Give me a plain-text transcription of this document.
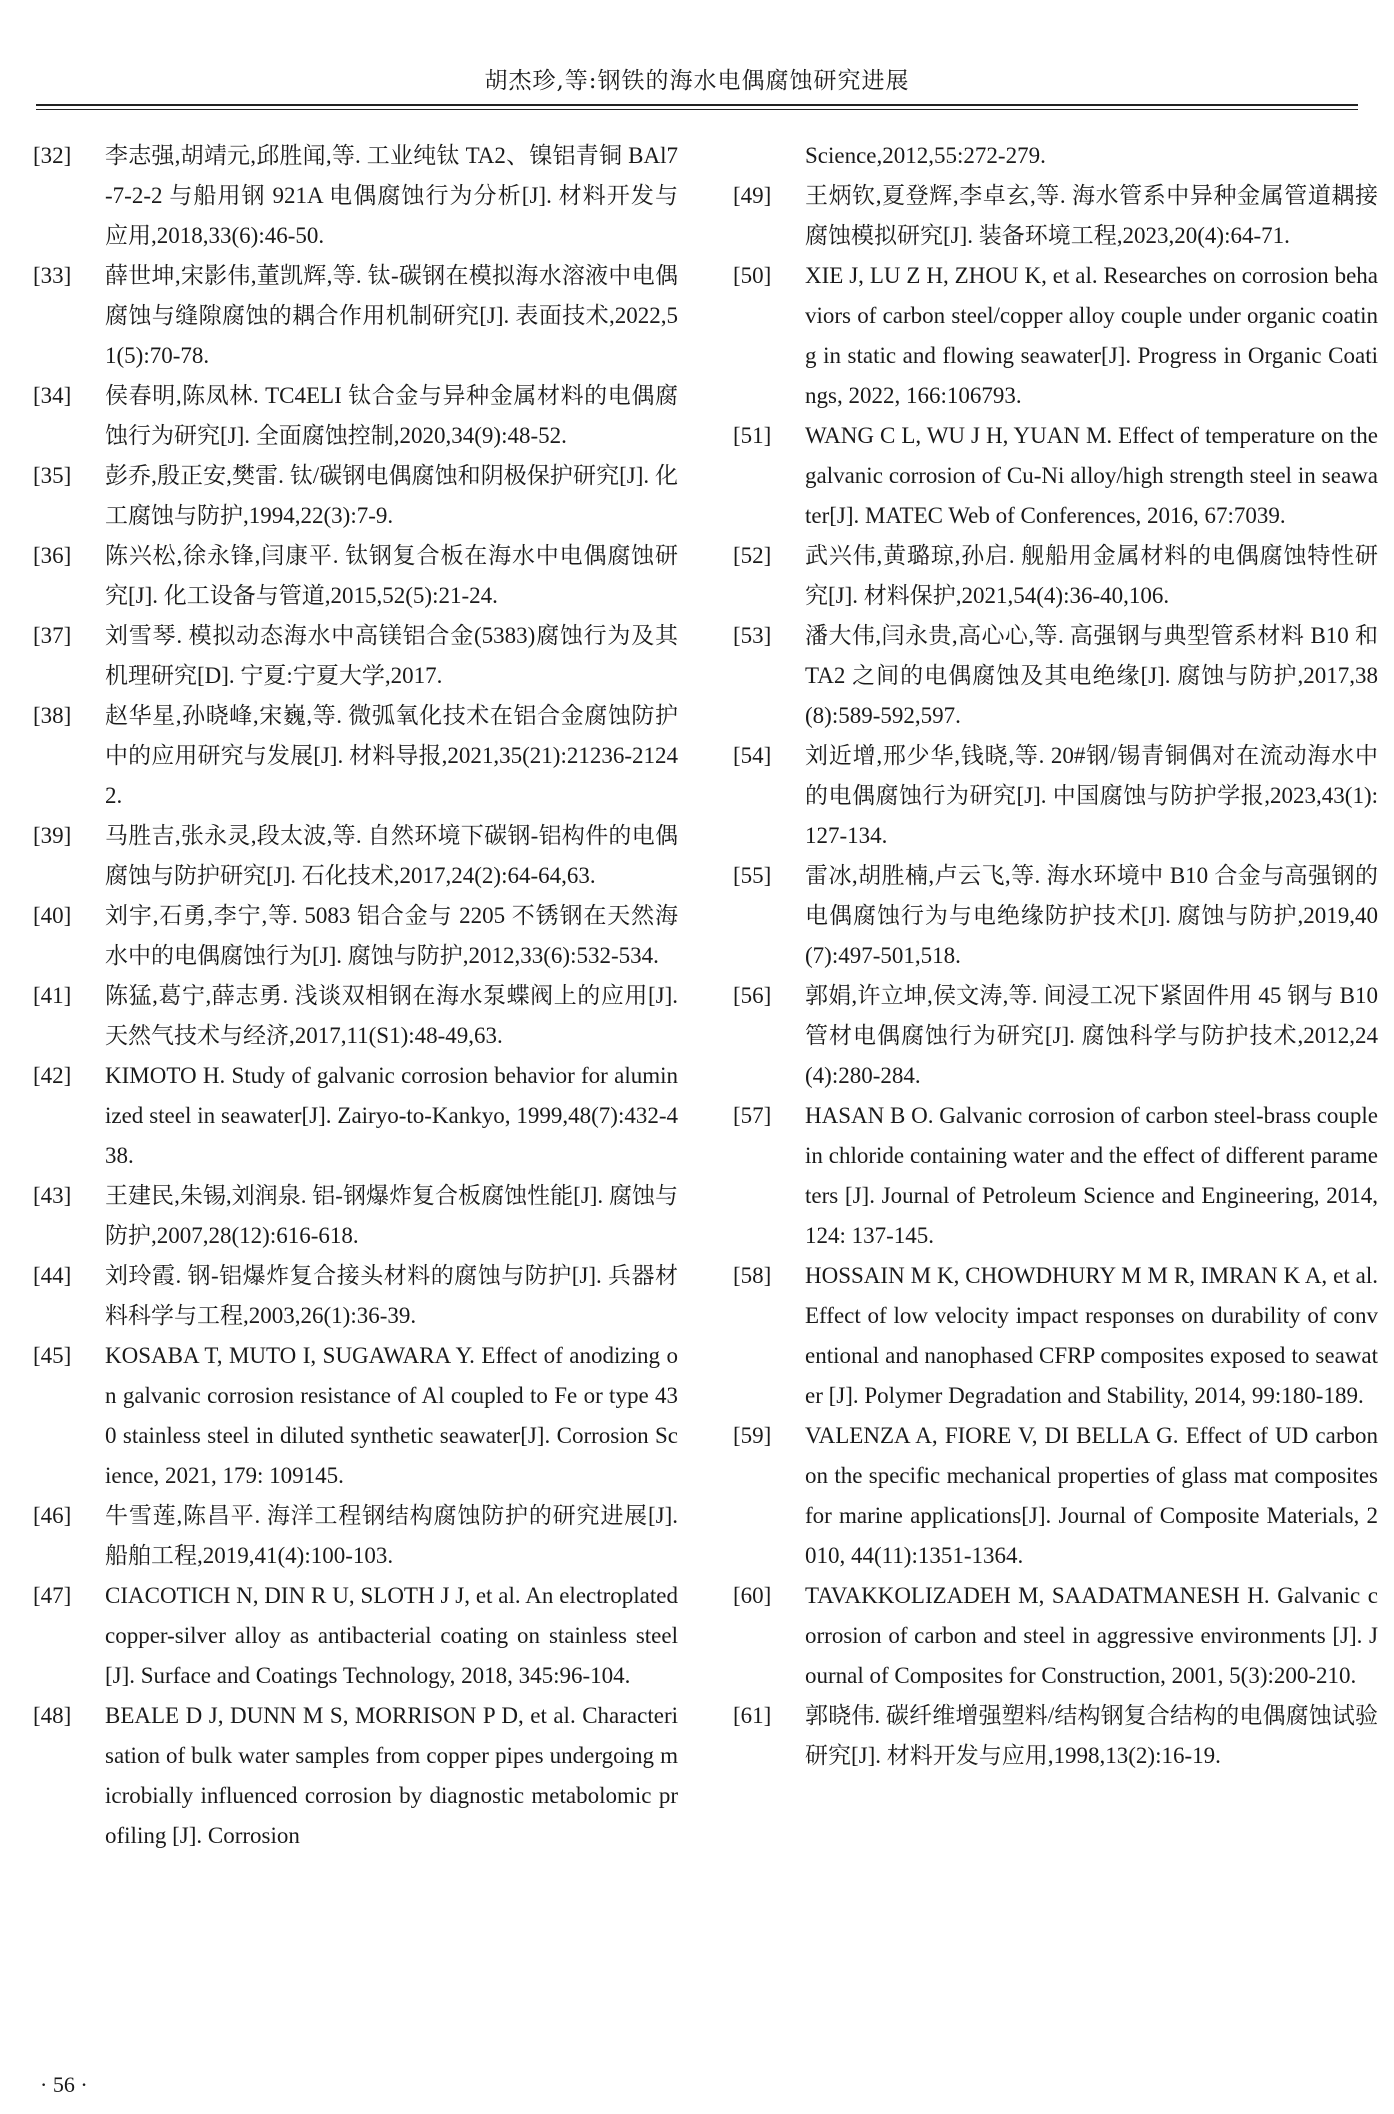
胡杰珍,等:钢铁的海水电偶腐蚀研究进展
[32]	李志强,胡靖元,邱胜闻,等. 工业纯钛 TA2、镍铝青铜 BAl7-7-2-2 与船用钢 921A 电偶腐蚀行为分析[J]. 材料开发与应用,2018,33(6):46-50.
[33]	薛世坤,宋影伟,董凯辉,等. 钛-碳钢在模拟海水溶液中电偶腐蚀与缝隙腐蚀的耦合作用机制研究[J]. 表面技术,2022,51(5):70-78.
[34]	侯春明,陈凤林. TC4ELI 钛合金与异种金属材料的电偶腐蚀行为研究[J]. 全面腐蚀控制,2020,34(9):48-52.
[35]	彭乔,殷正安,樊雷. 钛/碳钢电偶腐蚀和阴极保护研究[J]. 化工腐蚀与防护,1994,22(3):7-9.
[36]	陈兴松,徐永锋,闫康平. 钛钢复合板在海水中电偶腐蚀研究[J]. 化工设备与管道,2015,52(5):21-24.
[37]	刘雪琴. 模拟动态海水中高镁铝合金(5383)腐蚀行为及其机理研究[D]. 宁夏:宁夏大学,2017.
[38]	赵华星,孙晓峰,宋巍,等. 微弧氧化技术在铝合金腐蚀防护中的应用研究与发展[J]. 材料导报,2021,35(21):21236-21242.
[39]	马胜吉,张永灵,段太波,等. 自然环境下碳钢-铝构件的电偶腐蚀与防护研究[J]. 石化技术,2017,24(2):64-64,63.
[40]	刘宇,石勇,李宁,等. 5083 铝合金与 2205 不锈钢在天然海水中的电偶腐蚀行为[J]. 腐蚀与防护,2012,33(6):532-534.
[41]	陈猛,葛宁,薛志勇. 浅谈双相钢在海水泵蝶阀上的应用[J]. 天然气技术与经济,2017,11(S1):48-49,63.
[42]	KIMOTO H. Study of galvanic corrosion behavior for aluminized steel in seawater[J]. Zairyo-to-Kankyo, 1999,48(7):432-438.
[43]	王建民,朱锡,刘润泉. 铝-钢爆炸复合板腐蚀性能[J]. 腐蚀与防护,2007,28(12):616-618.
[44]	刘玲霞. 钢-铝爆炸复合接头材料的腐蚀与防护[J]. 兵器材料科学与工程,2003,26(1):36-39.
[45]	KOSABA T, MUTO I, SUGAWARA Y. Effect of anodizing on galvanic corrosion resistance of Al coupled to Fe or type 430 stainless steel in diluted synthetic seawater[J]. Corrosion Science, 2021, 179: 109145.
[46]	牛雪莲,陈昌平. 海洋工程钢结构腐蚀防护的研究进展[J]. 船舶工程,2019,41(4):100-103.
[47]	CIACOTICH N, DIN R U, SLOTH J J, et al. An electroplated copper-silver alloy as antibacterial coating on stainless steel[J]. Surface and Coatings Technology, 2018, 345:96-104.
[48]	BEALE D J, DUNN M S, MORRISON P D, et al. Characterisation of bulk water samples from copper pipes undergoing microbially influenced corrosion by diagnostic metabolomic profiling [J]. Corrosion
Science,2012,55:272-279.
[49]	王炳钦,夏登辉,李卓玄,等. 海水管系中异种金属管道耦接腐蚀模拟研究[J]. 装备环境工程,2023,20(4):64-71.
[50]	XIE J, LU Z H, ZHOU K, et al. Researches on corrosion behaviors of carbon steel/copper alloy couple under organic coating in static and flowing seawater[J]. Progress in Organic Coatings, 2022, 166:106793.
[51]	WANG C L, WU J H, YUAN M. Effect of temperature on the galvanic corrosion of Cu-Ni alloy/high strength steel in seawater[J]. MATEC Web of Conferences, 2016, 67:7039.
[52]	武兴伟,黄璐琼,孙启. 舰船用金属材料的电偶腐蚀特性研究[J]. 材料保护,2021,54(4):36-40,106.
[53]	潘大伟,闫永贵,高心心,等. 高强钢与典型管系材料 B10 和 TA2 之间的电偶腐蚀及其电绝缘[J]. 腐蚀与防护,2017,38(8):589-592,597.
[54]	刘近增,邢少华,钱晓,等. 20#钢/锡青铜偶对在流动海水中的电偶腐蚀行为研究[J]. 中国腐蚀与防护学报,2023,43(1):127-134.
[55]	雷冰,胡胜楠,卢云飞,等. 海水环境中 B10 合金与高强钢的电偶腐蚀行为与电绝缘防护技术[J]. 腐蚀与防护,2019,40(7):497-501,518.
[56]	郭娟,许立坤,侯文涛,等. 间浸工况下紧固件用 45 钢与 B10 管材电偶腐蚀行为研究[J]. 腐蚀科学与防护技术,2012,24(4):280-284.
[57]	HASAN B O. Galvanic corrosion of carbon steel-brass couple in chloride containing water and the effect of different parameters [J]. Journal of Petroleum Science and Engineering, 2014, 124: 137-145.
[58]	HOSSAIN M K, CHOWDHURY M M R, IMRAN K A, et al. Effect of low velocity impact responses on durability of conventional and nanophased CFRP composites exposed to seawater [J]. Polymer Degradation and Stability, 2014, 99:180-189.
[59]	VALENZA A, FIORE V, DI BELLA G. Effect of UD carbon on the specific mechanical properties of glass mat composites for marine applications[J]. Journal of Composite Materials, 2010, 44(11):1351-1364.
[60]	TAVAKKOLIZADEH M, SAADATMANESH H. Galvanic corrosion of carbon and steel in aggressive environments [J]. Journal of Composites for Construction, 2001, 5(3):200-210.
[61]	郭晓伟. 碳纤维增强塑料/结构钢复合结构的电偶腐蚀试验研究[J]. 材料开发与应用,1998,13(2):16-19.
· 56 ·
